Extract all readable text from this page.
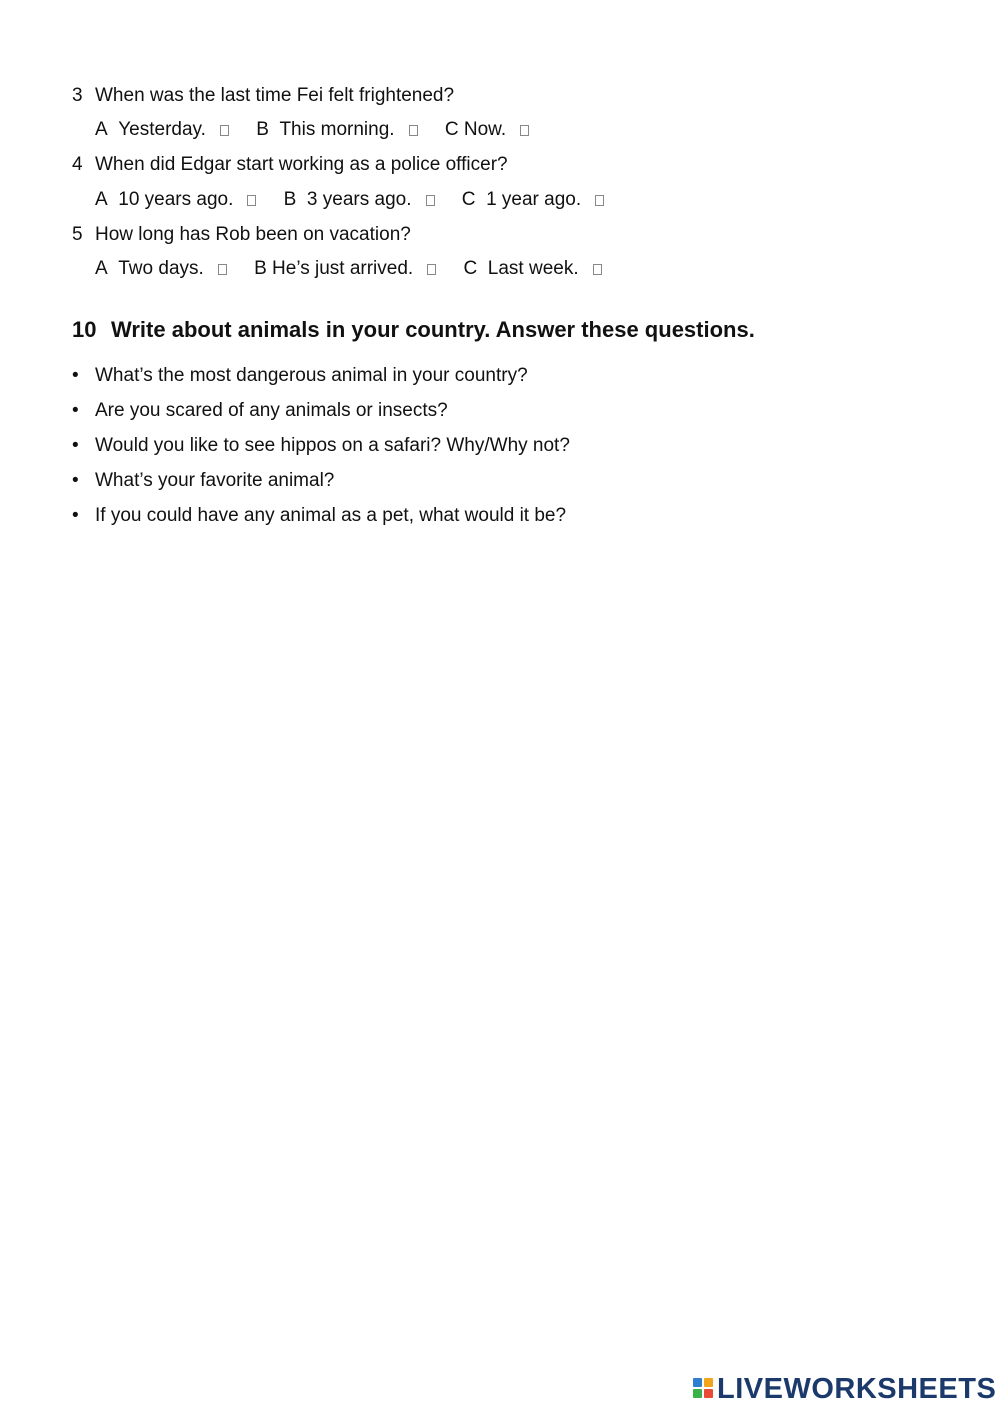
3 When was the last time Fei felt frightened?
A Yesterday.	B This morning.	C Now.
4 When did Edgar start working as a police officer?
A 10 years ago.	B 3 years ago.	C 1 year ago.
5 How long has Rob been on vacation?
A Two days.	B He’s just arrived.	C Last week.
10 Write about animals in your country. Answer these questions.
• What’s the most dangerous animal in your country?
• Are you scared of any animals or insects?
• Would you like to see hippos on a safari? Why/Why not?
• What’s your favorite animal?
• If you could have any animal as a pet, what would it be?
LIVEWORKSHEETS
